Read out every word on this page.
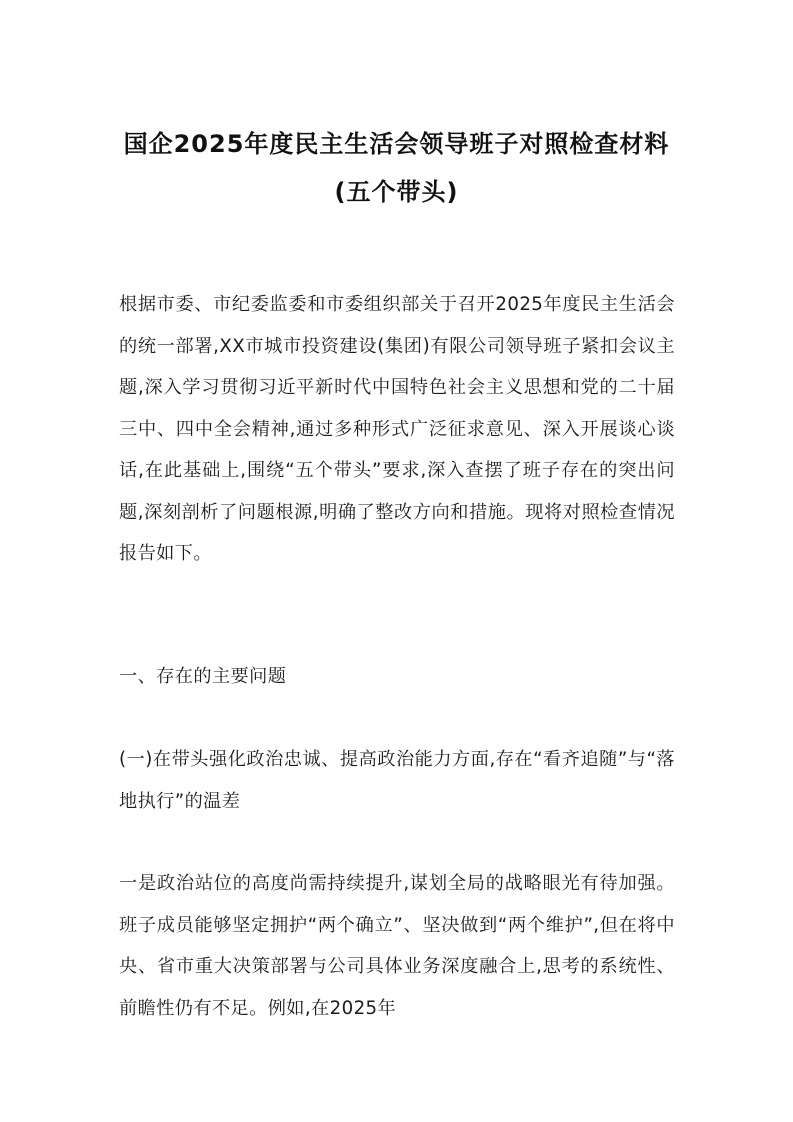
国企2025年度民主生活会领导班子对照检查材料(五个带头)

根据市委、市纪委监委和市委组织部关于召开2025年度民主生活会的统一部署,XX市城市投资建设(集团)有限公司领导班子紧扣会议主题,深入学习贯彻习近平新时代中国特色社会主义思想和党的二十届三中、四中全会精神,通过多种形式广泛征求意见、深入开展谈心谈话,在此基础上,围绕“五个带头”要求,深入查摆了班子存在的突出问题,深刻剖析了问题根源,明确了整改方向和措施。现将对照检查情况报告如下。

一、存在的主要问题

(一)在带头强化政治忠诚、提高政治能力方面,存在“看齐追随”与“落地执行”的温差

一是政治站位的高度尚需持续提升,谋划全局的战略眼光有待加强。班子成员能够坚定拥护“两个确立”、坚决做到“两个维护”,但在将中央、省市重大决策部署与公司具体业务深度融合上,思考的系统性、前瞻性仍有不足。例如,在2025年
